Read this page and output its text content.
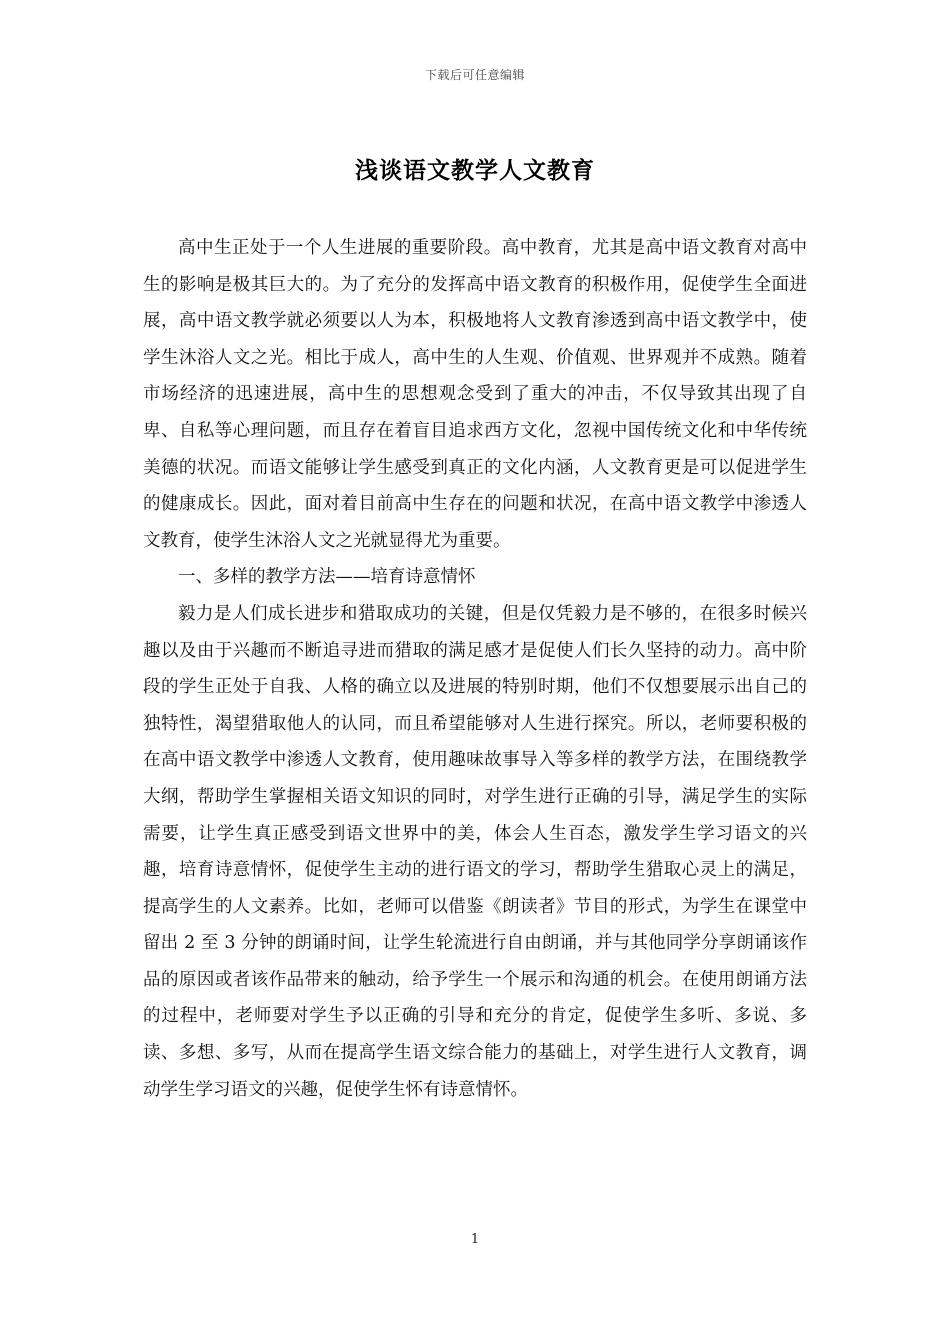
下载后可任意编辑
浅谈语文教学人文教育

高中生正处于一个人生进展的重要阶段。高中教育，尤其是高中语文教育对高中生的影响是极其巨大的。为了充分的发挥高中语文教育的积极作用，促使学生全面进展，高中语文教学就必须要以人为本，积极地将人文教育渗透到高中语文教学中，使学生沐浴人文之光。相比于成人，高中生的人生观、价值观、世界观并不成熟。随着市场经济的迅速进展，高中生的思想观念受到了重大的冲击，不仅导致其出现了自卑、自私等心理问题，而且存在着盲目追求西方文化，忽视中国传统文化和中华传统美德的状况。而语文能够让学生感受到真正的文化内涵，人文教育更是可以促进学生的健康成长。因此，面对着目前高中生存在的问题和状况，在高中语文教学中渗透人文教育，使学生沐浴人文之光就显得尤为重要。

一、多样的教学方法——培育诗意情怀

毅力是人们成长进步和猎取成功的关键，但是仅凭毅力是不够的，在很多时候兴趣以及由于兴趣而不断追寻进而猎取的满足感才是促使人们长久坚持的动力。高中阶段的学生正处于自我、人格的确立以及进展的特别时期，他们不仅想要展示出自己的独特性，渴望猎取他人的认同，而且希望能够对人生进行探究。所以，老师要积极的在高中语文教学中渗透人文教育，使用趣味故事导入等多样的教学方法，在围绕教学大纲，帮助学生掌握相关语文知识的同时，对学生进行正确的引导，满足学生的实际需要，让学生真正感受到语文世界中的美，体会人生百态，激发学生学习语文的兴趣，培育诗意情怀，促使学生主动的进行语文的学习，帮助学生猎取心灵上的满足，提高学生的人文素养。比如，老师可以借鉴《朗读者》节目的形式，为学生在课堂中留出 2 至 3 分钟的朗诵时间，让学生轮流进行自由朗诵，并与其他同学分享朗诵该作品的原因或者该作品带来的触动，给予学生一个展示和沟通的机会。在使用朗诵方法的过程中，老师要对学生予以正确的引导和充分的肯定，促使学生多听、多说、多读、多想、多写，从而在提高学生语文综合能力的基础上，对学生进行人文教育，调动学生学习语文的兴趣，促使学生怀有诗意情怀。

1
